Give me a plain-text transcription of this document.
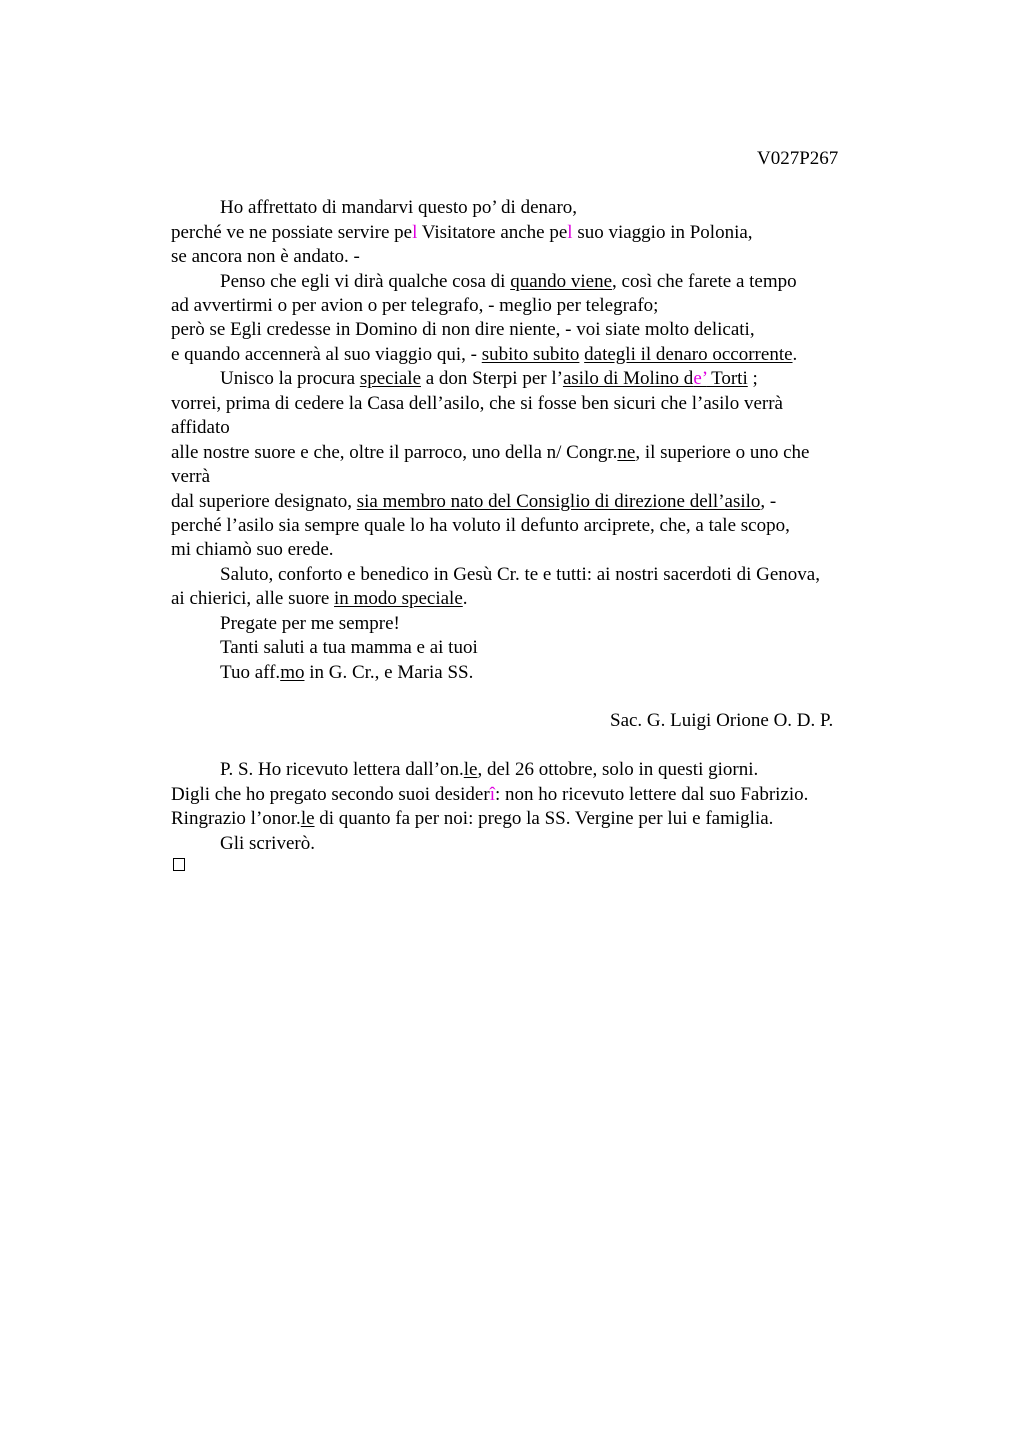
V027P267
Ho affrettato di mandarvi questo po’ di denaro,
perché ve ne possiate servire pel Visitatore anche pel suo viaggio in Polonia,
se ancora non è andato. -
Penso che egli vi dirà qualche cosa di quando viene, così che farete a tempo
ad avvertirmi o per avion o per telegrafo, - meglio per telegrafo;
però se Egli credesse in Domino di non dire niente, - voi siate molto delicati,
e quando accennerà al suo viaggio qui, - subito subito dategli il denaro occorrente.
Unisco la procura speciale a don Sterpi per l’asilo di Molino de’ Torti ;
vorrei, prima di cedere la Casa dell’asilo, che si fosse ben sicuri che l’asilo verrà
affidato
alle nostre suore e che, oltre il parroco, uno della n/ Congr.ne, il superiore o uno che
verrà
dal superiore designato, sia membro nato del Consiglio di direzione dell’asilo, -
perché l’asilo sia sempre quale lo ha voluto il defunto arciprete, che, a tale scopo,
mi chiamò suo erede.
Saluto, conforto e benedico in Gesù Cr. te e tutti: ai nostri sacerdoti di Genova,
ai chierici, alle suore in modo speciale.
Pregate per me sempre!
Tanti saluti a tua mamma e ai tuoi
Tuo aff.mo in G. Cr., e Maria SS.
Sac. G. Luigi Orione O. D. P.
P. S. Ho ricevuto lettera dall’on.le, del 26 ottobre, solo in questi giorni.
Digli che ho pregato secondo suoi desiderî: non ho ricevuto lettere dal suo Fabrizio.
Ringrazio l’onor.le di quanto fa per noi: prego la SS. Vergine per lui e famiglia.
Gli scriverò.
